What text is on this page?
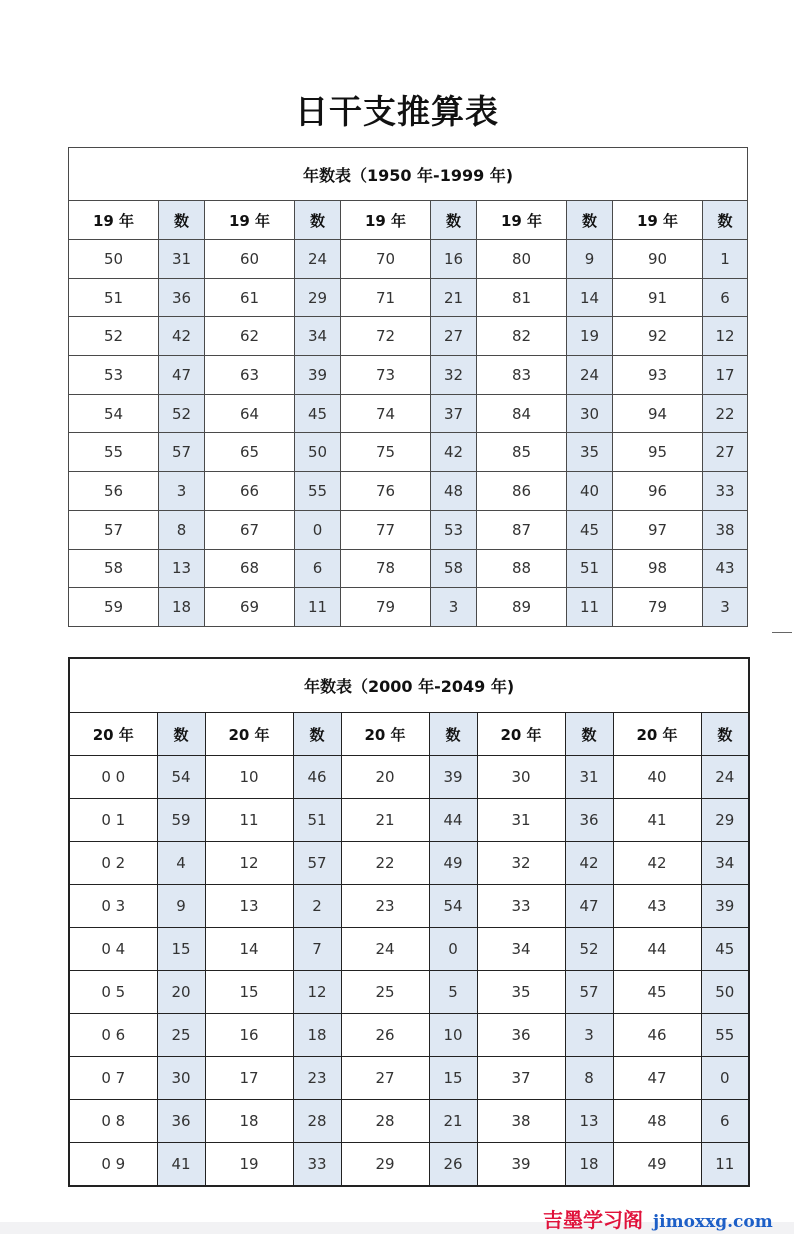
日干支推算表
年数表（1950 年-1999 年)									
19 年	数	19 年	数	19 年	数	19 年	数	19 年	数
50	31	60	24	70	16	80	9	90	1
51	36	61	29	71	21	81	14	91	6
52	42	62	34	72	27	82	19	92	12
53	47	63	39	73	32	83	24	93	17
54	52	64	45	74	37	84	30	94	22
55	57	65	50	75	42	85	35	95	27
56	3	66	55	76	48	86	40	96	33
57	8	67	0	77	53	87	45	97	38
58	13	68	6	78	58	88	51	98	43
59	18	69	11	79	3	89	11	79	3
年数表（2000 年-2049 年)									
20 年	数	20 年	数	20 年	数	20 年	数	20 年	数
0 0	54	10	46	20	39	30	31	40	24
0 1	59	11	51	21	44	31	36	41	29
0 2	4	12	57	22	49	32	42	42	34
0 3	9	13	2	23	54	33	47	43	39
0 4	15	14	7	24	0	34	52	44	45
0 5	20	15	12	25	5	35	57	45	50
0 6	25	16	18	26	10	36	3	46	55
0 7	30	17	23	27	15	37	8	47	0
0 8	36	18	28	28	21	38	13	48	6
0 9	41	19	33	29	26	39	18	49	11
吉墨学习阁 jimoxxg.com
